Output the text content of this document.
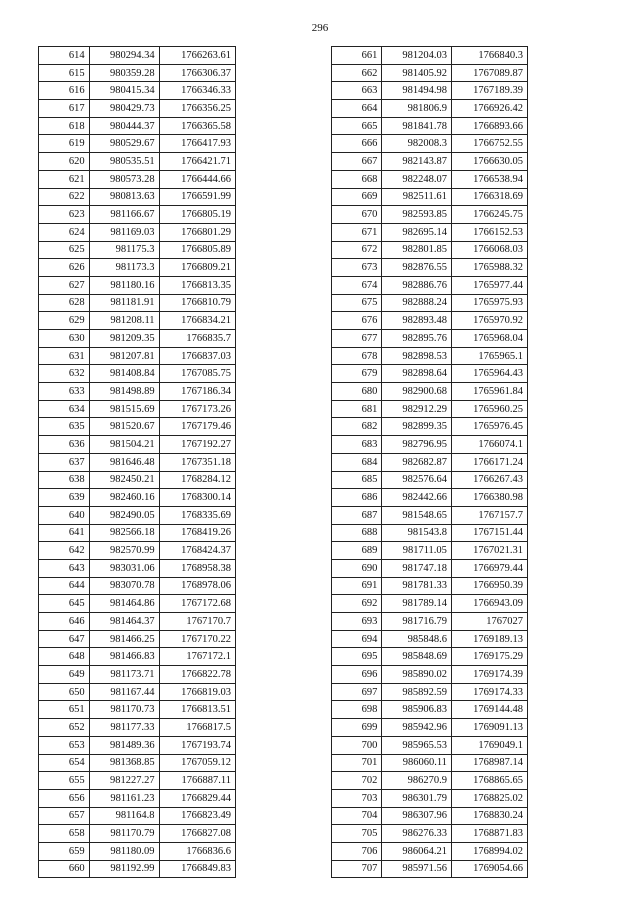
296
614	980294.34	1766263.61
615	980359.28	1766306.37
616	980415.34	1766346.33
617	980429.73	1766356.25
618	980444.37	1766365.58
619	980529.67	1766417.93
620	980535.51	1766421.71
621	980573.28	1766444.66
622	980813.63	1766591.99
623	981166.67	1766805.19
624	981169.03	1766801.29
625	981175.3	1766805.89
626	981173.3	1766809.21
627	981180.16	1766813.35
628	981181.91	1766810.79
629	981208.11	1766834.21
630	981209.35	1766835.7
631	981207.81	1766837.03
632	981408.84	1767085.75
633	981498.89	1767186.34
634	981515.69	1767173.26
635	981520.67	1767179.46
636	981504.21	1767192.27
637	981646.48	1767351.18
638	982450.21	1768284.12
639	982460.16	1768300.14
640	982490.05	1768335.69
641	982566.18	1768419.26
642	982570.99	1768424.37
643	983031.06	1768958.38
644	983070.78	1768978.06
645	981464.86	1767172.68
646	981464.37	1767170.7
647	981466.25	1767170.22
648	981466.83	1767172.1
649	981173.71	1766822.78
650	981167.44	1766819.03
651	981170.73	1766813.51
652	981177.33	1766817.5
653	981489.36	1767193.74
654	981368.85	1767059.12
655	981227.27	1766887.11
656	981161.23	1766829.44
657	981164.8	1766823.49
658	981170.79	1766827.08
659	981180.09	1766836.6
660	981192.99	1766849.83
661	981204.03	1766840.3
662	981405.92	1767089.87
663	981494.98	1767189.39
664	981806.9	1766926.42
665	981841.78	1766893.66
666	982008.3	1766752.55
667	982143.87	1766630.05
668	982248.07	1766538.94
669	982511.61	1766318.69
670	982593.85	1766245.75
671	982695.14	1766152.53
672	982801.85	1766068.03
673	982876.55	1765988.32
674	982886.76	1765977.44
675	982888.24	1765975.93
676	982893.48	1765970.92
677	982895.76	1765968.04
678	982898.53	1765965.1
679	982898.64	1765964.43
680	982900.68	1765961.84
681	982912.29	1765960.25
682	982899.35	1765976.45
683	982796.95	1766074.1
684	982682.87	1766171.24
685	982576.64	1766267.43
686	982442.66	1766380.98
687	981548.65	1767157.7
688	981543.8	1767151.44
689	981711.05	1767021.31
690	981747.18	1766979.44
691	981781.33	1766950.39
692	981789.14	1766943.09
693	981716.79	1767027
694	985848.6	1769189.13
695	985848.69	1769175.29
696	985890.02	1769174.39
697	985892.59	1769174.33
698	985906.83	1769144.48
699	985942.96	1769091.13
700	985965.53	1769049.1
701	986060.11	1768987.14
702	986270.9	1768865.65
703	986301.79	1768825.02
704	986307.96	1768830.24
705	986276.33	1768871.83
706	986064.21	1768994.02
707	985971.56	1769054.66
